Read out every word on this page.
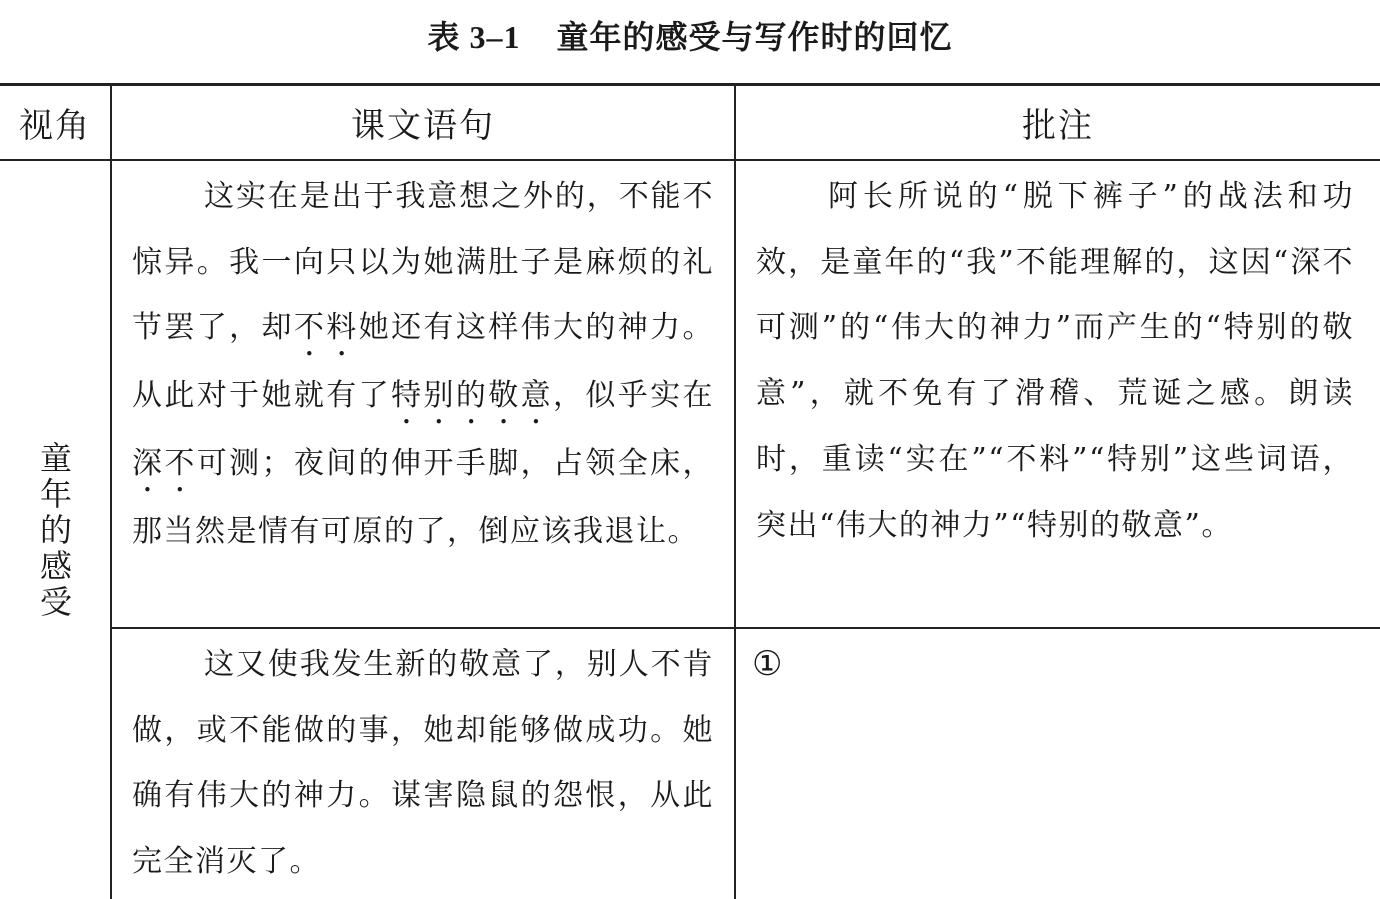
表 3–1 童年的感受与写作时的回忆
视角	课文语句	批注
童年的感受
这实在是出于我意想之外的，不能不惊异。我一向只以为她满肚子是麻烦的礼节罢了，却不料她还有这样伟大的神力。从此对于她就有了特别的敬意，似乎实在深不可测；夜间的伸开手脚，占领全床，那当然是情有可原的了，倒应该我退让。
阿长所说的“脱下裤子”的战法和功效，是童年的“我”不能理解的，这因“深不可测”的“伟大的神力”而产生的“特别的敬意”，就不免有了滑稽、荒诞之感。朗读时，重读“实在”“不料”“特别”这些词语，突出“伟大的神力”“特别的敬意”。
这又使我发生新的敬意了，别人不肯做，或不能做的事，她却能够做成功。她确有伟大的神力。谋害隐鼠的怨恨，从此完全消灭了。
①
